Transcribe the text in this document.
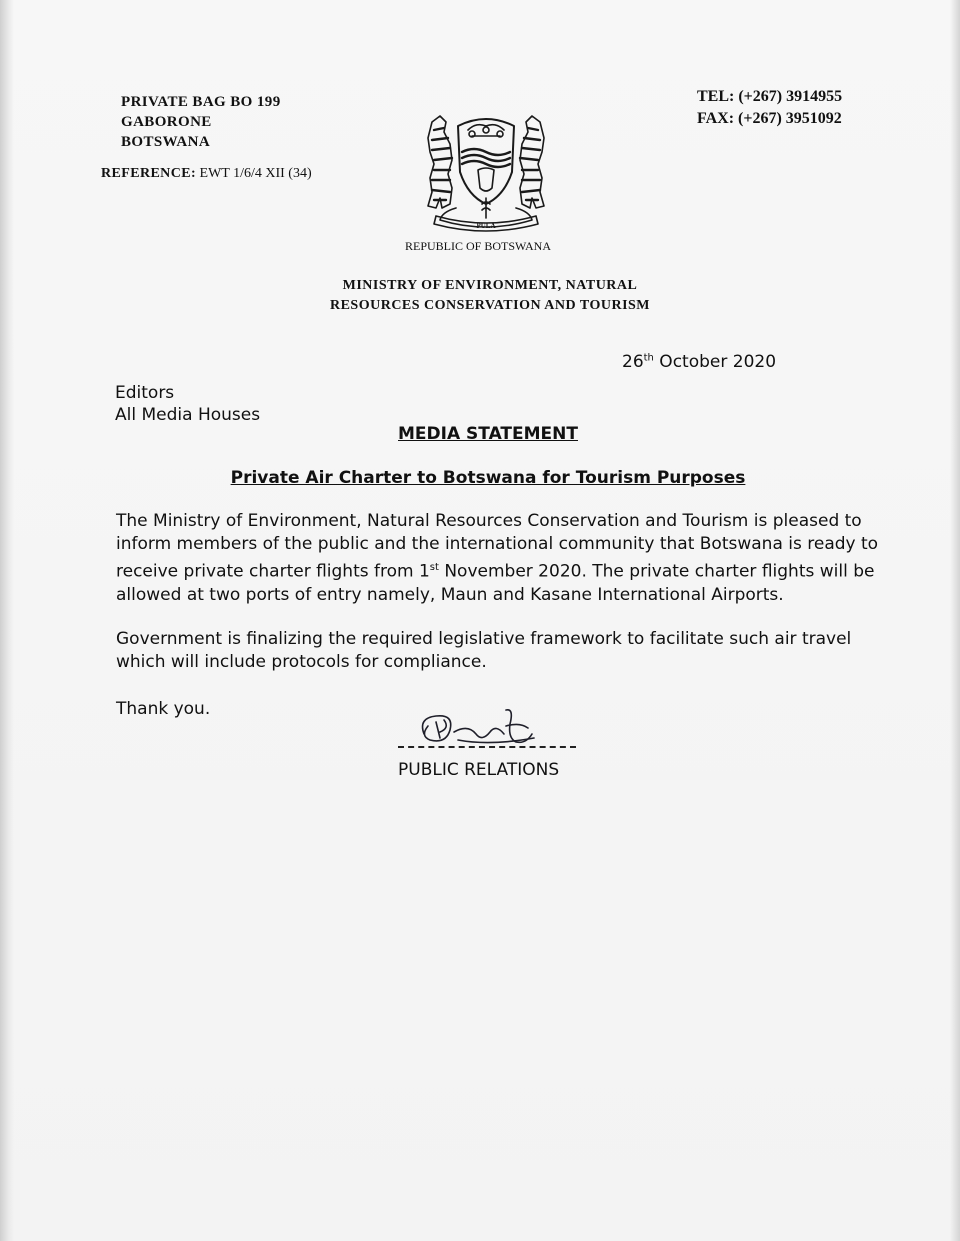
PRIVATE BAG BO 199
GABORONE
BOTSWANA
REFERENCE: EWT 1/6/4 XII (34)
TEL: (+267) 3914955
FAX: (+267) 3951092
PULA
REPUBLIC OF BOTSWANA
MINISTRY OF ENVIRONMENT, NATURAL
RESOURCES CONSERVATION AND TOURISM
26th October 2020
Editors
All Media Houses
MEDIA STATEMENT
Private Air Charter to Botswana for Tourism Purposes
The Ministry of Environment, Natural Resources Conservation and Tourism is pleased to
inform members of the public and the international community that Botswana is ready to
receive private charter flights from 1st November 2020. The private charter flights will be
allowed at two ports of entry namely, Maun and Kasane International Airports.
Government is finalizing the required legislative framework to facilitate such air travel
which will include protocols for compliance.
Thank you.
PUBLIC RELATIONS
